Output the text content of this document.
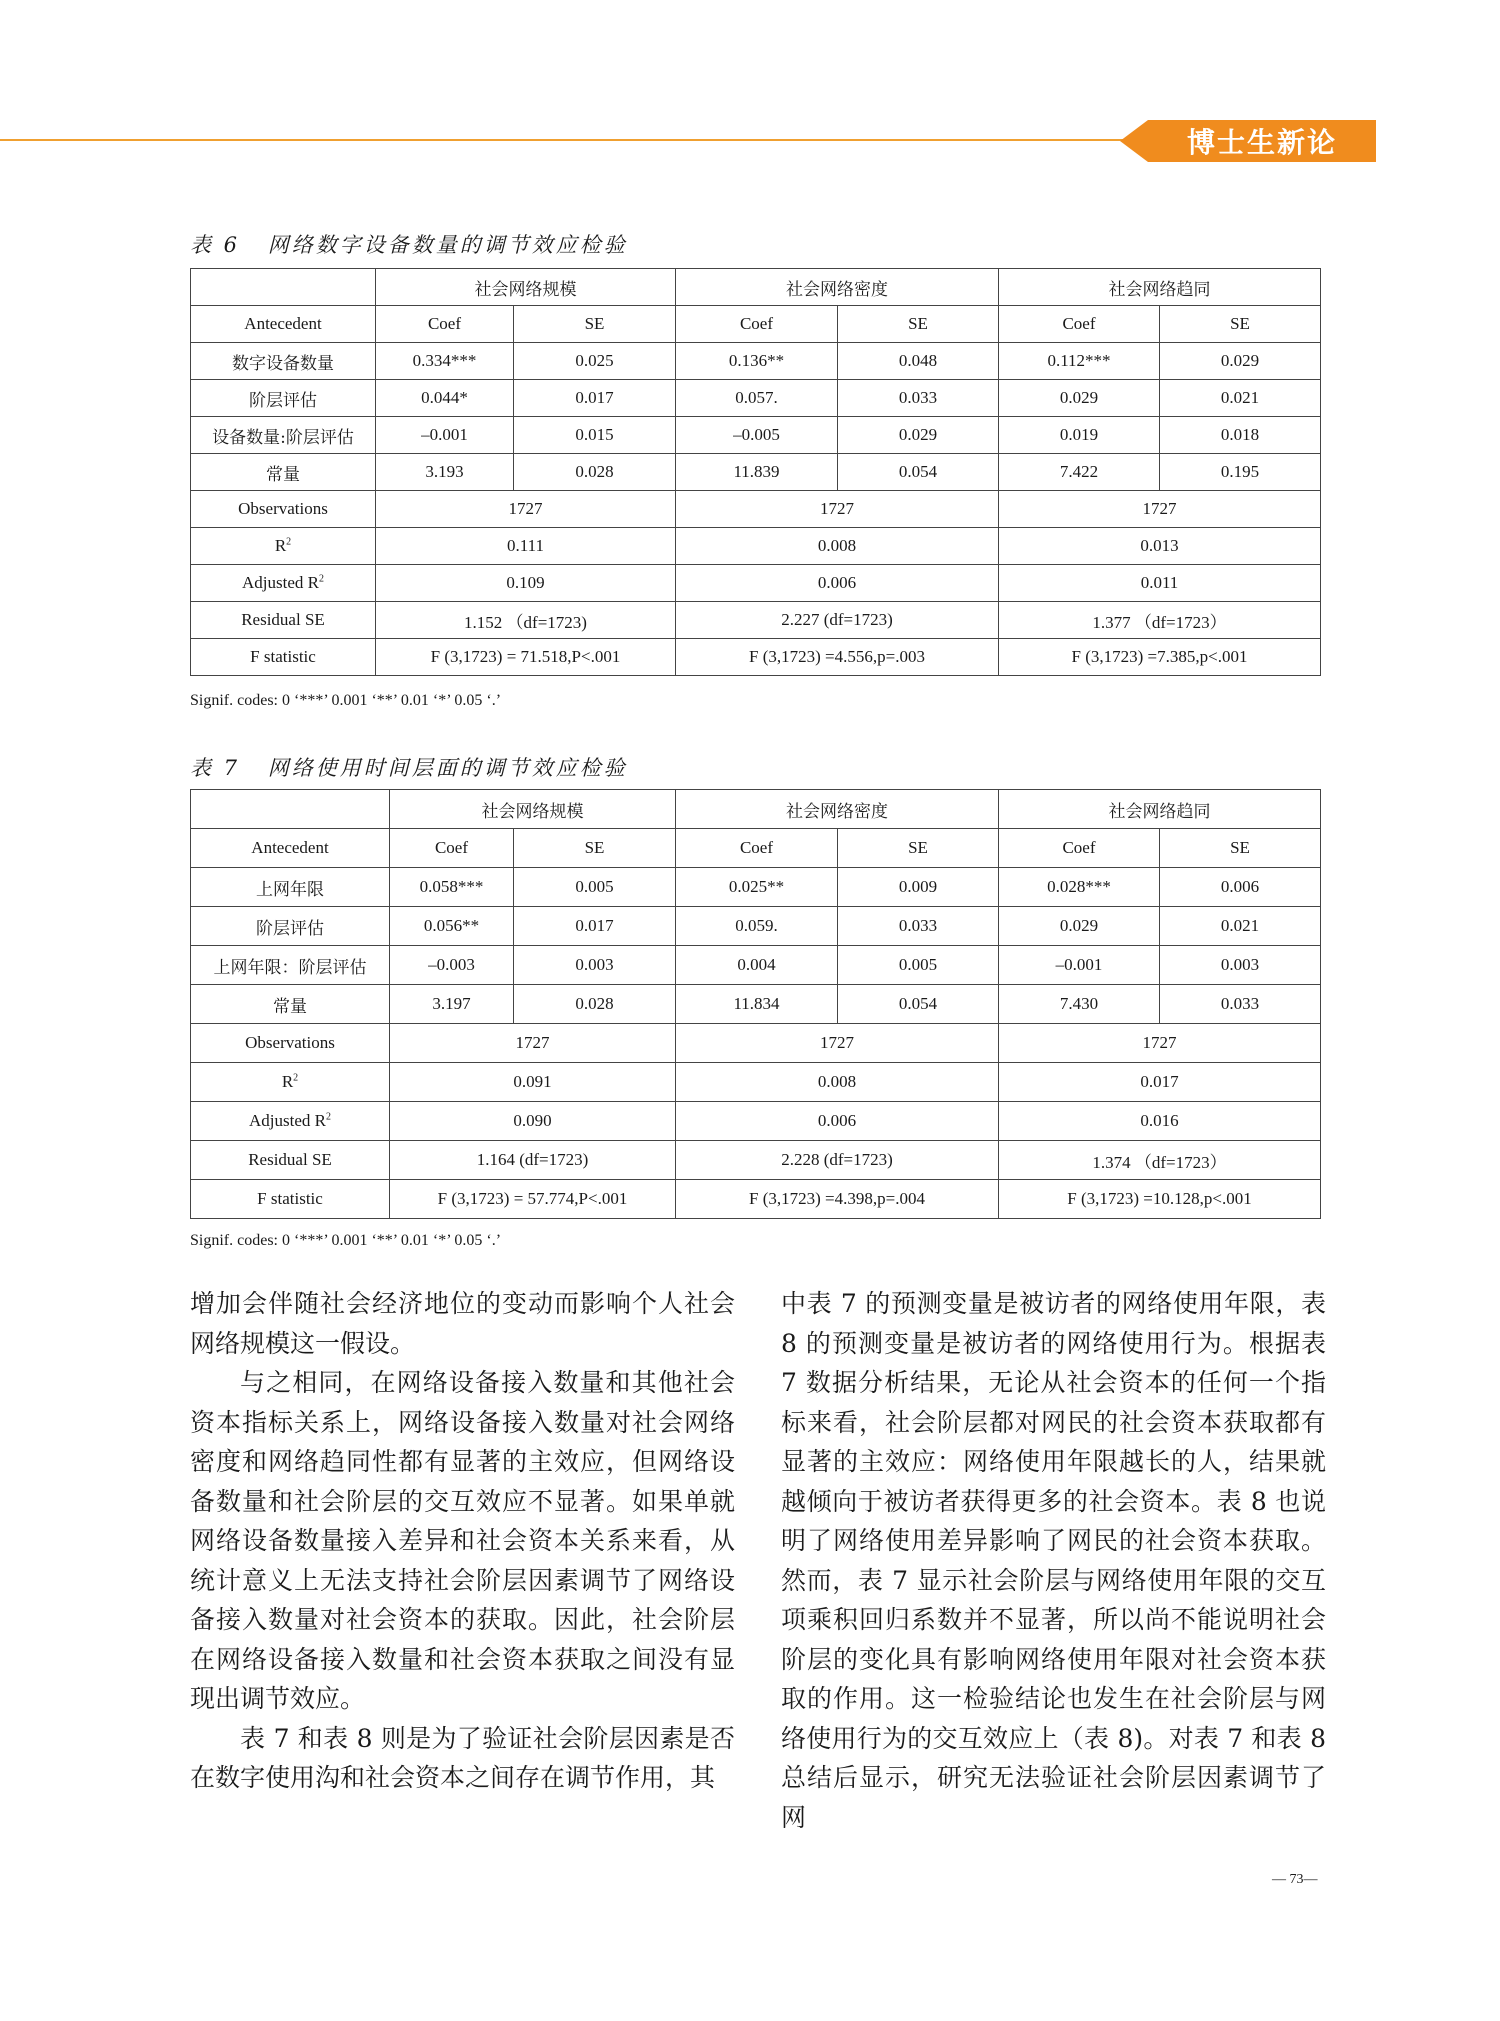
博士生新论
表 6 网络数字设备数量的调节效应检验
	社会网络规模		社会网络密度		社会网络趋同	
Antecedent	Coef	SE	Coef	SE	Coef	SE
数字设备数量	0.334***	0.025	0.136**	0.048	0.112***	0.029
阶层评估	0.044*	0.017	0.057.	0.033	0.029	0.021
设备数量:阶层评估	–0.001	0.015	–0.005	0.029	0.019	0.018
常量	3.193	0.028	11.839	0.054	7.422	0.195
Observations	1727		1727		1727	
$R^2$	0.111		0.008		0.013	
Adjusted $R^2$	0.109		0.006		0.011	
Residual SE	1.152 （df=1723)		2.227 (df=1723)		1.377 （df=1723）	
F statistic	F (3,1723) = 71.518,P<.001		F (3,1723) =4.556,p=.003		F (3,1723) =7.385,p<.001	
Signif. codes: 0 ‘***’ 0.001 ‘**’ 0.01 ‘*’ 0.05 ‘.’
表 7 网络使用时间层面的调节效应检验
	社会网络规模		社会网络密度		社会网络趋同	
Antecedent	Coef	SE	Coef	SE	Coef	SE
上网年限	0.058***	0.005	0.025**	0.009	0.028***	0.006
阶层评估	0.056**	0.017	0.059.	0.033	0.029	0.021
上网年限：阶层评估	–0.003	0.003	0.004	0.005	–0.001	0.003
常量	3.197	0.028	11.834	0.054	7.430	0.033
Observations	1727		1727		1727	
$R^2$	0.091		0.008		0.017	
Adjusted $R^2$	0.090		0.006		0.016	
Residual SE	1.164 (df=1723)		2.228 (df=1723)		1.374 （df=1723）	
F statistic	F (3,1723) = 57.774,P<.001		F (3,1723) =4.398,p=.004		F (3,1723) =10.128,p<.001	
Signif. codes: 0 ‘***’ 0.001 ‘**’ 0.01 ‘*’ 0.05 ‘.’

增加会伴随社会经济地位的变动而影响个人社会网络规模这一假设。

与之相同，在网络设备接入数量和其他社会资本指标关系上，网络设备接入数量对社会网络密度和网络趋同性都有显著的主效应，但网络设备数量和社会阶层的交互效应不显著。如果单就网络设备数量接入差异和社会资本关系来看，从统计意义上无法支持社会阶层因素调节了网络设备接入数量对社会资本的获取。因此，社会阶层在网络设备接入数量和社会资本获取之间没有显现出调节效应。

表 7 和表 8 则是为了验证社会阶层因素是否在数字使用沟和社会资本之间存在调节作用，其

中表 7 的预测变量是被访者的网络使用年限，表 8 的预测变量是被访者的网络使用行为。根据表 7 数据分析结果，无论从社会资本的任何一个指标来看，社会阶层都对网民的社会资本获取都有显著的主效应：网络使用年限越长的人，结果就越倾向于被访者获得更多的社会资本。表 8 也说明了网络使用差异影响了网民的社会资本获取。然而，表 7 显示社会阶层与网络使用年限的交互项乘积回归系数并不显著，所以尚不能说明社会阶层的变化具有影响网络使用年限对社会资本获取的作用。这一检验结论也发生在社会阶层与网络使用行为的交互效应上（表 8)。对表 7 和表 8 总结后显示，研究无法验证社会阶层因素调节了网

— 73—
